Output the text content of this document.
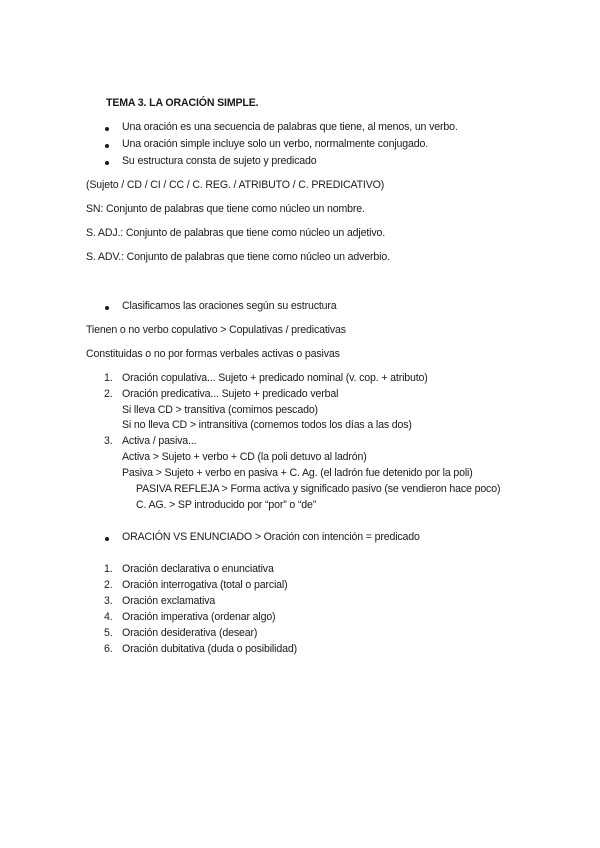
TEMA 3. LA ORACIÓN SIMPLE.
Una oración es una secuencia de palabras que tiene, al menos, un verbo.
Una oración simple incluye solo un verbo, normalmente conjugado.
Su estructura consta de sujeto y predicado
(Sujeto / CD / CI / CC / C. REG. / ATRIBUTO / C. PREDICATIVO)
SN: Conjunto de palabras que tiene como núcleo un nombre.
S. ADJ.: Conjunto de palabras que tiene como núcleo un adjetivo.
S. ADV.: Conjunto de palabras que tiene como núcleo un adverbio.
Clasificamos las oraciones según su estructura
Tienen o no verbo copulativo > Copulativas / predicativas
Constituidas o no por formas verbales activas o pasivas
1. Oración copulativa... Sujeto + predicado nominal (v. cop. + atributo)
2. Oración predicativa... Sujeto + predicado verbal
Si lleva CD > transitiva (comimos pescado)
Si no lleva CD > intransitiva (comemos todos los días a las dos)
3. Activa / pasiva...
Activa > Sujeto + verbo + CD (la poli detuvo al ladrón)
Pasiva > Sujeto + verbo en pasiva + C. Ag. (el ladrón fue detenido por la poli)
PASIVA REFLEJA > Forma activa y significado pasivo (se vendieron hace poco)
C. AG. > SP introducido por “por” o “de”
ORACIÓN VS ENUNCIADO > Oración con intención = predicado
1. Oración declarativa o enunciativa
2. Oración interrogativa (total o parcial)
3. Oración exclamativa
4. Oración imperativa (ordenar algo)
5. Oración desiderativa (desear)
6. Oración dubitativa (duda o posibilidad)
